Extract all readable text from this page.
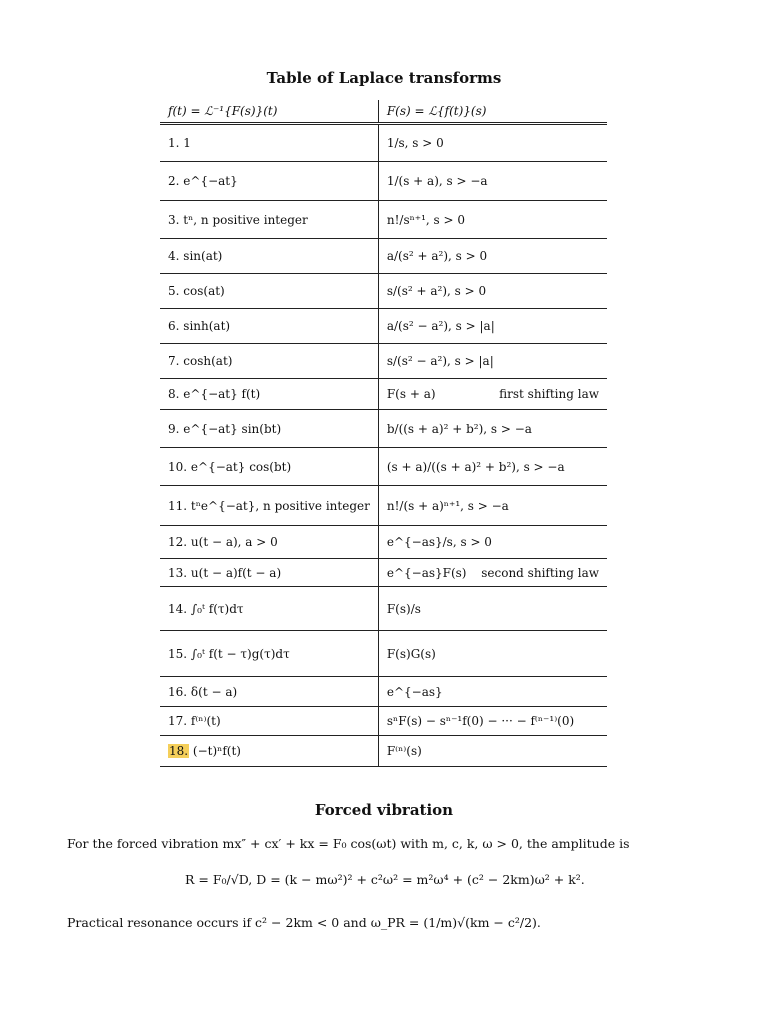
Table of Laplace transforms
f(t) = ℒ⁻¹{F(s)}(t)	F(s) = ℒ{f(t)}(s)
1. 1	1/s, s > 0
2. e^{−at}	1/(s + a), s > −a
3. tⁿ, n positive integer	n!/sⁿ⁺¹, s > 0
4. sin(at)	a/(s² + a²), s > 0
5. cos(at)	s/(s² + a²), s > 0
6. sinh(at)	a/(s² − a²), s > |a|
7. cosh(at)	s/(s² − a²), s > |a|
8. e^{−at} f(t)	F(s + a) first shifting law

9. e^{−at} sin(bt)	b/((s + a)² + b²), s > −a
10. e^{−at} cos(bt)	(s + a)/((s + a)² + b²), s > −a
11. tⁿe^{−at}, n positive integer	n!/(s + a)ⁿ⁺¹, s > −a
12. u(t − a), a > 0	e^{−as}/s, s > 0
13. u(t − a)f(t − a)	e^{−as}F(s) second shifting law

14. ∫₀ᵗ f(τ)dτ	F(s)/s
15. ∫₀ᵗ f(t − τ)g(τ)dτ	F(s)G(s)
16. δ(t − a)	e^{−as}
17. f⁽ⁿ⁾(t)	sⁿF(s) − sⁿ⁻¹f(0) − ··· − f⁽ⁿ⁻¹⁾(0)
18. (−t)ⁿf(t)	F⁽ⁿ⁾(s)
Forced vibration
For the forced vibration mx″ + cx′ + kx = F₀ cos(ωt) with m, c, k, ω > 0, the amplitude is
R = F₀/√D, D = (k − mω²)² + c²ω² = m²ω⁴ + (c² − 2km)ω² + k².
Practical resonance occurs if c² − 2km < 0 and ω_PR = (1/m)√(km − c²/2).
